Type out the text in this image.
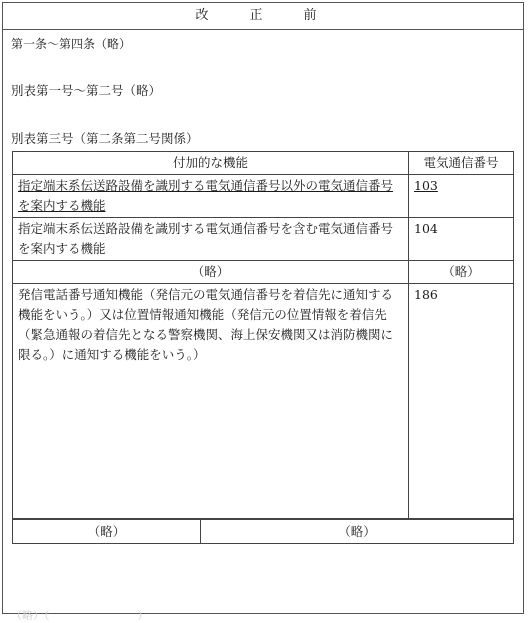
改　正　前
第一条～第四条（略）
別表第一号～第二号（略）
別表第三号（第二条第二号関係）
付加的な機能	電気通信番号
指定端末系伝送路設備を識別する電気通信番号以外の電気通信番号を案内する機能	103
指定端末系伝送路設備を識別する電気通信番号を含む電気通信番号を案内する機能	104
（略）	（略）
発信電話番号通知機能（発信元の電気通信番号を着信先に通知する機能をいう。）又は位置情報通知機能（発信元の位置情報を着信先（緊急通報の着信先となる警察機関、海上保安機関又は消防機関に限る。）に通知する機能をいう。）	186
（略）	（略）
（略）（　　　　　　　　）
